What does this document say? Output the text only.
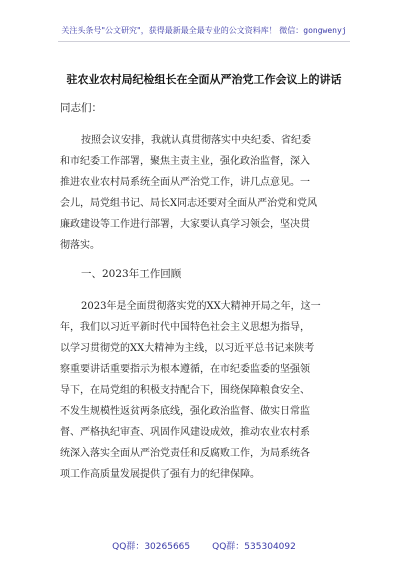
关注头条号"公文研究"，获得最新最全最专业的公文资料库！ 微信：gongwenyj
驻农业农村局纪检组长在全面从严治党工作会议上的讲话
同志们：
按照会议安排，我就认真贯彻落实中央纪委、省纪委
和市纪委工作部署，聚焦主责主业，强化政治监督，深入
推进农业农村局系统全面从严治党工作，讲几点意见。一
会儿，局党组书记、局长X同志还要对全面从严治党和党风
廉政建设等工作进行部署，大家要认真学习领会，坚决贯
彻落实。
一、2023年工作回顾
2023年是全面贯彻落实党的XX大精神开局之年，这一
年，我们以习近平新时代中国特色社会主义思想为指导，
以学习贯彻党的XX大精神为主线，以习近平总书记来陕考
察重要讲话重要指示为根本遵循，在市纪委监委的坚强领
导下，在局党组的积极支持配合下，围绕保障粮食安全、
不发生规模性返贫两条底线，强化政治监督、做实日常监
督、严格执纪审查、巩固作风建设成效，推动农业农村系
统深入落实全面从严治党责任和反腐败工作，为局系统各
项工作高质量发展提供了强有力的纪律保障。
QQ群：30265665 QQ群：535304092
